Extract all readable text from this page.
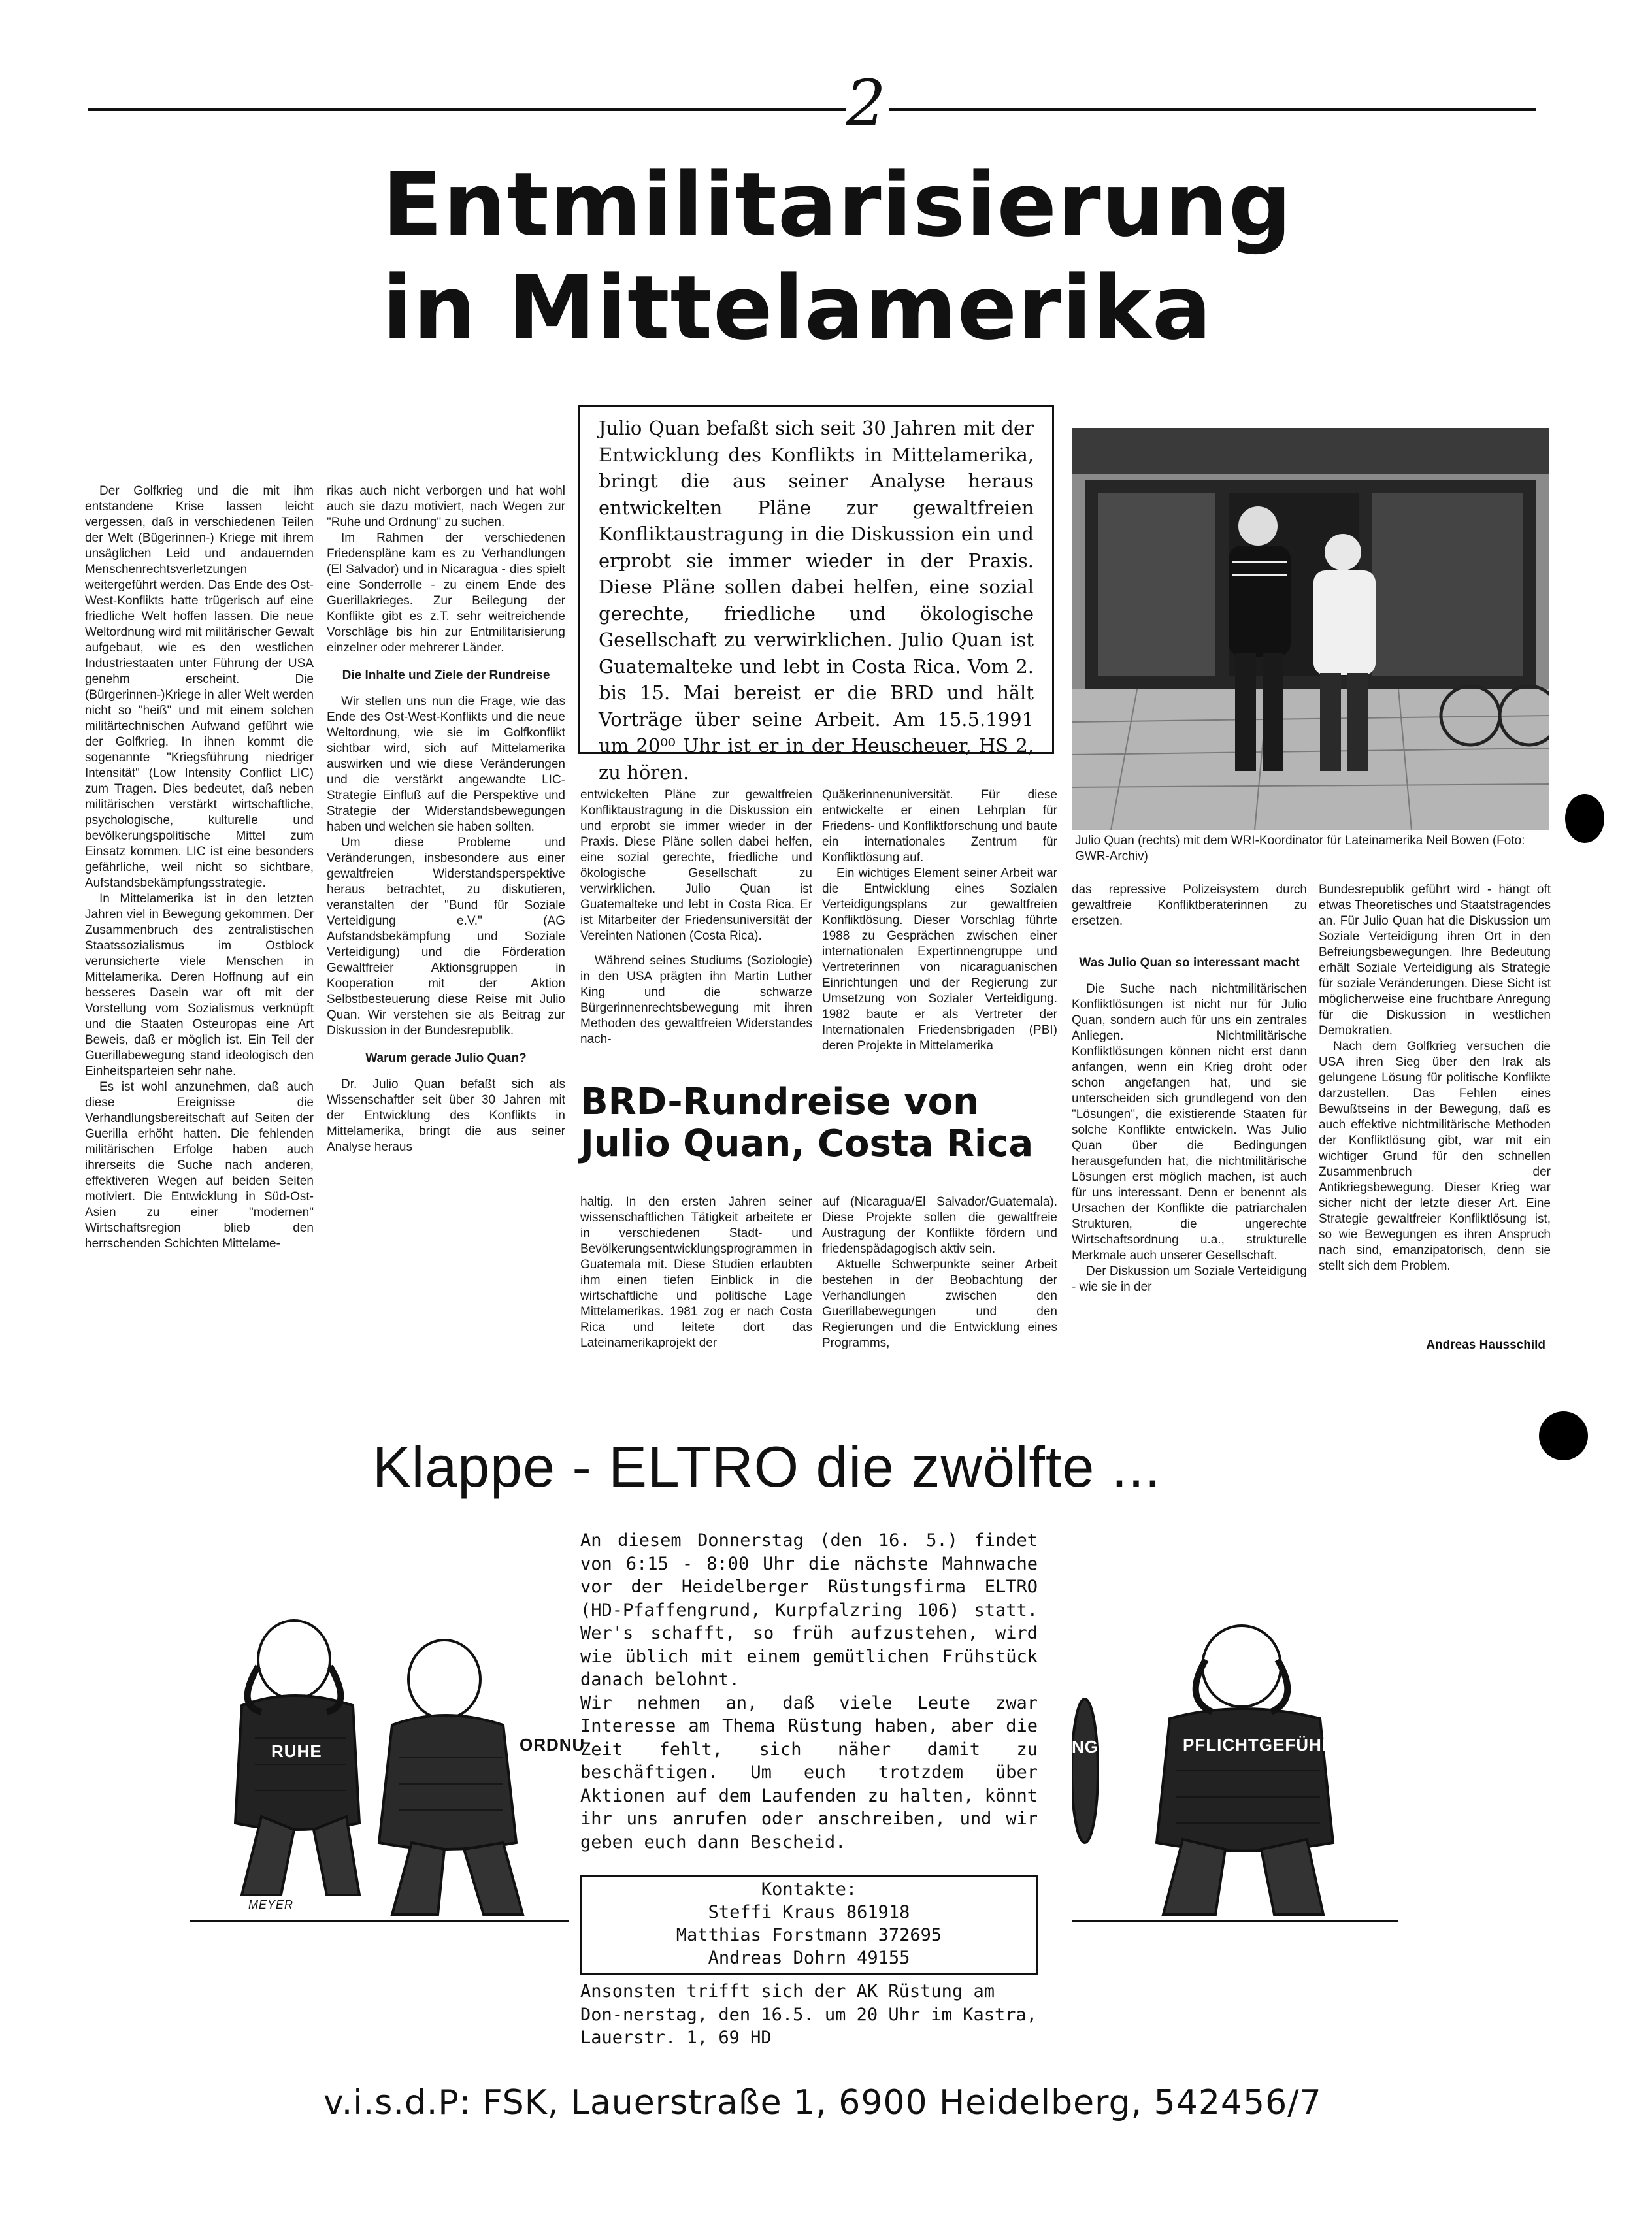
2
Entmilitarisierung
in Mittelamerika
Julio Quan befaßt sich seit 30 Jahren mit der Entwicklung des Konflikts in Mittelamerika, bringt die aus seiner Analyse heraus entwickelten Pläne zur gewaltfreien Konfliktaustragung in die Diskussion ein und erprobt sie immer wieder in der Praxis. Diese Pläne sollen dabei helfen, eine sozial gerechte, friedliche und ökologische Gesellschaft zu verwirklichen. Julio Quan ist Guatemalteke und lebt in Costa Rica. Vom 2. bis 15. Mai bereist er die BRD und hält Vorträge über seine Arbeit. Am 15.5.1991 um 20⁰⁰ Uhr ist er in der Heuscheuer, HS 2, zu hören.
Julio Quan (rechts) mit dem WRI-Koordinator für Lateinamerika Neil Bowen (Foto: GWR-Archiv)

Der Golfkrieg und die mit ihm entstandene Krise lassen leicht vergessen, daß in verschiedenen Teilen der Welt (Bügerinnen-) Kriege mit ihrem unsäglichen Leid und andauernden Menschenrechtsverletzungen weitergeführt werden. Das Ende des Ost-West-Konflikts hatte trügerisch auf eine friedliche Welt hoffen lassen. Die neue Weltordnung wird mit militärischer Gewalt aufgebaut, wie es den westlichen Industriestaaten unter Führung der USA genehm erscheint. Die (Bürgerinnen-)Kriege in aller Welt werden nicht so "heiß" und mit einem solchen militärtechnischen Aufwand geführt wie der Golfkrieg. In ihnen kommt die sogenannte "Kriegsführung niedriger Intensität" (Low Intensity Conflict LIC) zum Tragen. Dies bedeutet, daß neben militärischen verstärkt wirtschaftliche, psychologische, kulturelle und bevölkerungspolitische Mittel zum Einsatz kommen. LIC ist eine besonders gefährliche, weil nicht so sichtbare, Aufstandsbekämpfungsstrategie.

In Mittelamerika ist in den letzten Jahren viel in Bewegung gekommen. Der Zusammenbruch des zentralistischen Staatssozialismus im Ostblock verunsicherte viele Menschen in Mittelamerika. Deren Hoffnung auf ein besseres Dasein war oft mit der Vorstellung vom Sozialismus verknüpft und die Staaten Osteuropas eine Art Beweis, daß er möglich ist. Ein Teil der Guerillabewegung stand ideologisch den Einheitsparteien sehr nahe.

Es ist wohl anzunehmen, daß auch diese Ereignisse die Verhandlungsbereitschaft auf Seiten der Guerilla erhöht hatten. Die fehlenden militärischen Erfolge haben auch ihrerseits die Suche nach anderen, effektiveren Wegen auf beiden Seiten motiviert. Die Entwicklung in Süd-Ost-Asien zu einer "modernen" Wirtschaftsregion blieb den herrschenden Schichten Mittelame-

rikas auch nicht verborgen und hat wohl auch sie dazu motiviert, nach Wegen zur "Ruhe und Ordnung" zu suchen.

Im Rahmen der verschiedenen Friedenspläne kam es zu Verhandlungen (El Salvador) und in Nicaragua - dies spielt eine Sonderrolle - zu einem Ende des Guerillakrieges. Zur Beilegung der Konflikte gibt es z.T. sehr weitreichende Vorschläge bis hin zur Entmilitarisierung einzelner oder mehrerer Länder.

Die Inhalte und Ziele der Rundreise

Wir stellen uns nun die Frage, wie das Ende des Ost-West-Konflikts und die neue Weltordnung, wie sie im Golfkonflikt sichtbar wird, sich auf Mittelamerika auswirken und wie diese Veränderungen und die verstärkt angewandte LIC-Strategie Einfluß auf die Perspektive und Strategie der Widerstandsbewegungen haben und welchen sie haben sollten.

Um diese Probleme und Veränderungen, insbesondere aus einer gewaltfreien Widerstandsperspektive heraus betrachtet, zu diskutieren, veranstalten der "Bund für Soziale Verteidigung e.V." (AG Aufstandsbekämpfung und Soziale Verteidigung) und die Förderation Gewaltfreier Aktionsgruppen in Kooperation mit der Aktion Selbstbesteuerung diese Reise mit Julio Quan. Wir verstehen sie als Beitrag zur Diskussion in der Bundesrepublik.

Warum gerade Julio Quan?

Dr. Julio Quan befaßt sich als Wissenschaftler seit über 30 Jahren mit der Entwicklung des Konflikts in Mittelamerika, bringt die aus seiner Analyse heraus

entwickelten Pläne zur gewaltfreien Konfliktaustragung in die Diskussion ein und erprobt sie immer wieder in der Praxis. Diese Pläne sollen dabei helfen, eine sozial gerechte, friedliche und ökologische Gesellschaft zu verwirklichen. Julio Quan ist Guatemalteke und lebt in Costa Rica. Er ist Mitarbeiter der Friedensuniversität der Vereinten Nationen (Costa Rica).

Während seines Studiums (Soziologie) in den USA prägten ihn Martin Luther King und die schwarze Bürgerinnenrechtsbewegung mit ihren Methoden des gewaltfreien Widerstandes nach-

Quäkerinnenuniversität. Für diese entwickelte er einen Lehrplan für Friedens- und Konfliktforschung und baute ein internationales Zentrum für Konfliktlösung auf.

Ein wichtiges Element seiner Arbeit war die Entwicklung eines Sozialen Verteidigungsplans zur gewaltfreien Konfliktlösung. Dieser Vorschlag führte 1988 zu Gesprächen zwischen einer internationalen Expertinnengruppe und Vertreterinnen von nicaraguanischen Einrichtungen und der Regierung zur Umsetzung von Sozialer Verteidigung. 1982 baute er als Vertreter der Internationalen Friedensbrigaden (PBI) deren Projekte in Mittelamerika

BRD-Rundreise von
Julio Quan, Costa Rica

haltig. In den ersten Jahren seiner wissenschaftlichen Tätigkeit arbeitete er in verschiedenen Stadt- und Bevölkerungsentwicklungsprogrammen in Guatemala mit. Diese Studien erlaubten ihm einen tiefen Einblick in die wirtschaftliche und politische Lage Mittelamerikas. 1981 zog er nach Costa Rica und leitete dort das Lateinamerikaprojekt der

auf (Nicaragua/El Salvador/Guatemala). Diese Projekte sollen die gewaltfreie Austragung der Konflikte fördern und friedenspädagogisch aktiv sein.

Aktuelle Schwerpunkte seiner Arbeit bestehen in der Beobachtung der Verhandlungen zwischen den Guerillabewegungen und den Regierungen und die Entwicklung eines Programms,

das repressive Polizeisystem durch gewaltfreie Konfliktberaterinnen zu ersetzen.

Was Julio Quan so interessant macht

Die Suche nach nichtmilitärischen Konfliktlösungen ist nicht nur für Julio Quan, sondern auch für uns ein zentrales Anliegen. Nichtmilitärische Konfliktlösungen können nicht erst dann anfangen, wenn ein Krieg droht oder schon angefangen hat, und sie unterscheiden sich grundlegend von den "Lösungen", die existierende Staaten für solche Konflikte entwickeln. Was Julio Quan über die Bedingungen herausgefunden hat, die nichtmilitärische Lösungen erst möglich machen, ist auch für uns interessant. Denn er benennt als Ursachen der Konflikte die patriarchalen Strukturen, die ungerechte Wirtschaftsordnung u.a., strukturelle Merkmale auch unserer Gesellschaft.

Der Diskussion um Soziale Verteidigung - wie sie in der

Bundesrepublik geführt wird - hängt oft etwas Theoretisches und Staatstragendes an. Für Julio Quan hat die Diskussion um Soziale Verteidigung ihren Ort in den Befreiungsbewegungen. Ihre Bedeutung erhält Soziale Verteidigung als Strategie für soziale Veränderungen. Diese Sicht ist möglicherweise eine fruchtbare Anregung für die Diskussion in westlichen Demokratien.

Nach dem Golfkrieg versuchen die USA ihren Sieg über den Irak als gelungene Lösung für politische Konflikte darzustellen. Das Fehlen eines Bewußtseins in der Bewegung, daß es auch effektive nichtmilitärische Methoden der Konfliktlösung gibt, war mit ein wichtiger Grund für den schnellen Zusammenbruch der Antikriegsbewegung. Dieser Krieg war sicher nicht der letzte dieser Art. Eine Strategie gewaltfreier Konfliktlösung ist, so wie Bewegungen es ihren Anspruch nach sind, emanzipatorisch, denn sie stellt sich dem Problem.

Andreas Hausschild
Klappe - ELTRO die zwölfte ...

An diesem Donnerstag (den 16. 5.) findet von 6:15 - 8:00 Uhr die nächste Mahnwache vor der Heidelberger Rüstungsfirma ELTRO (HD-Pfaffengrund, Kurpfalzring 106) statt. Wer's schafft, so früh aufzustehen, wird wie üblich mit einem gemütlichen Frühstück danach belohnt.

Wir nehmen an, daß viele Leute zwar Interesse am Thema Rüstung haben, aber die Zeit fehlt, sich näher damit zu beschäftigen. Um euch trotzdem über Aktionen auf dem Laufenden zu halten, könnt ihr uns anrufen oder anschreiben, und wir geben euch dann Bescheid.

Kontakte:
Steffi Kraus 861918
Matthias Forstmann 372695
Andreas Dohrn 49155

Ansonsten trifft sich der AK Rüstung am Don-nerstag, den 16.5. um 20 Uhr im Kastra, Lauerstr. 1, 69 HD

RUHE	ORDNU
MEYER
NG	PFLICHTGEFÜHL
v.i.s.d.P: FSK, Lauerstraße 1, 6900 Heidelberg, 542456/7
